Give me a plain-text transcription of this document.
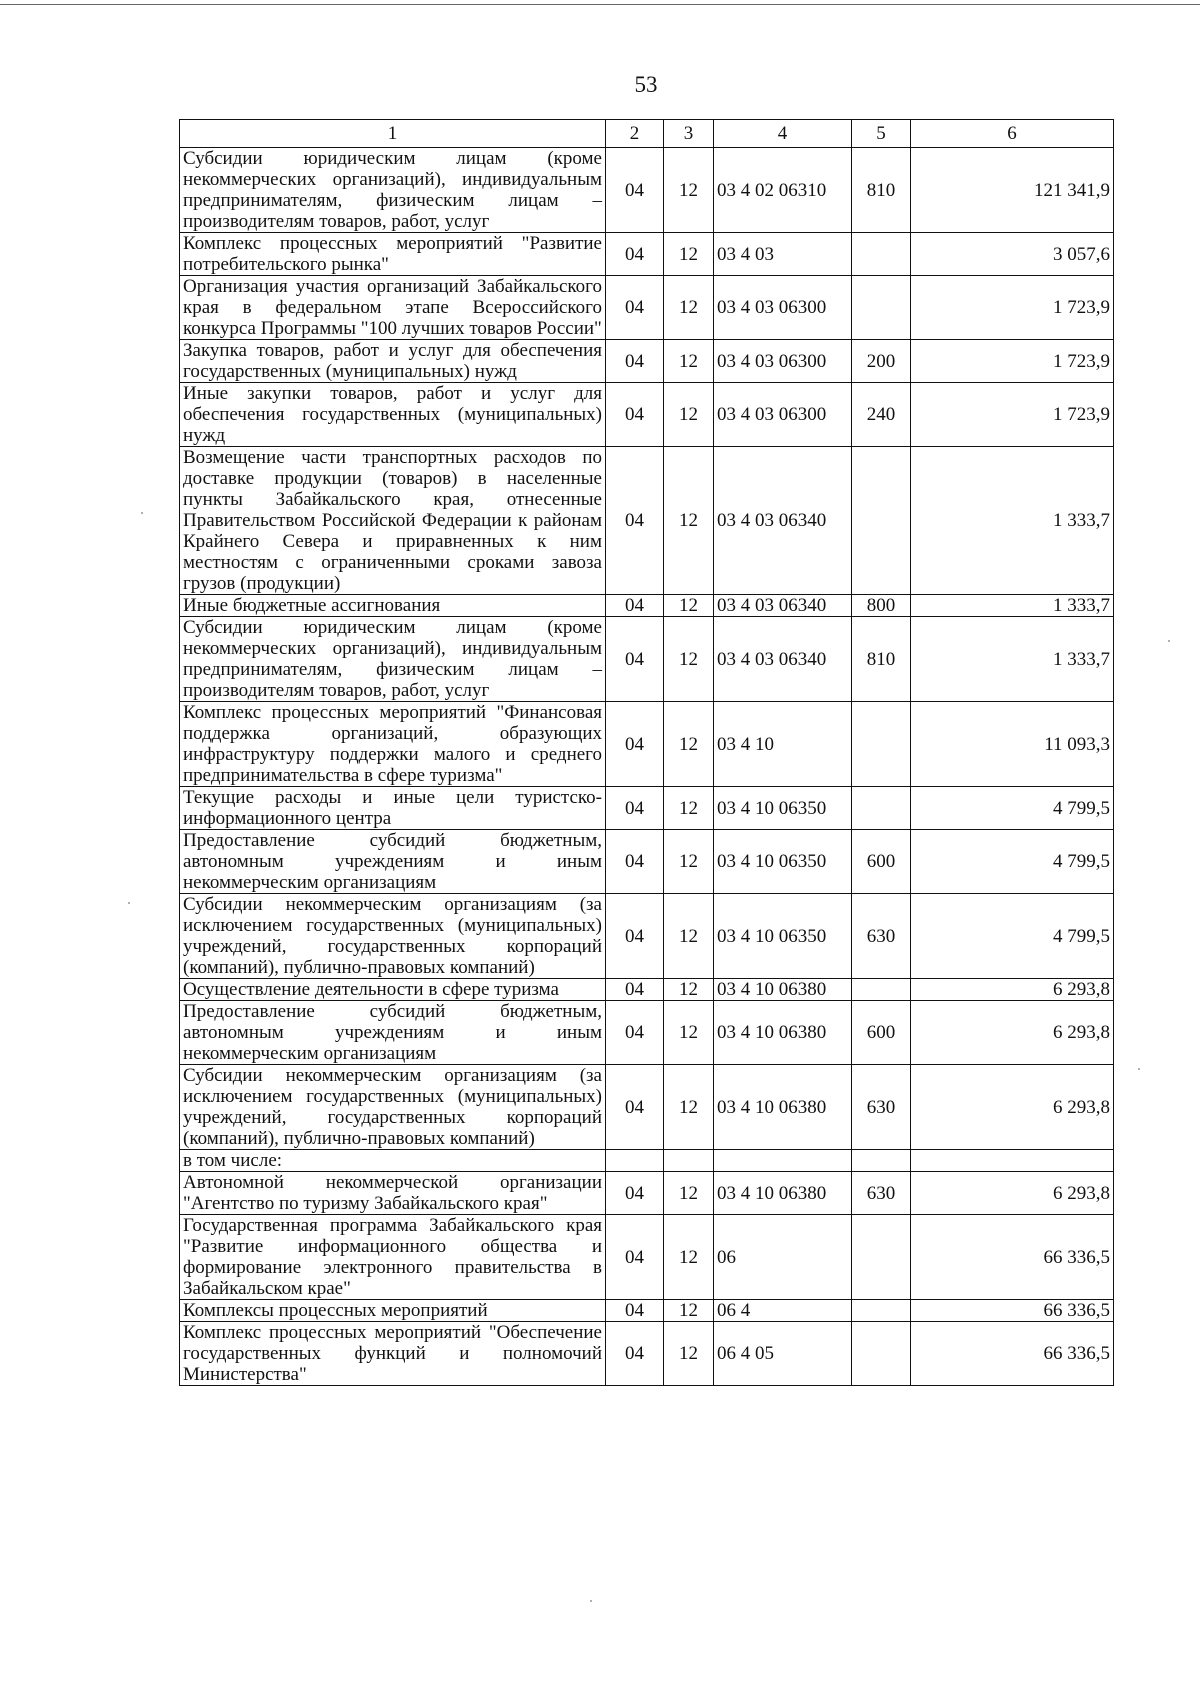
53
1	2	3	4	5	6
Субсидии юридическим лицам (кроме некоммерческих организаций), индивидуальным предпринимателям, физическим лицам – производителям товаров, работ, услуг	04	12	03 4 02 06310	810	121 341,9
Комплекс процессных мероприятий "Развитие потребительского рынка"	04	12	03 4 03		3 057,6
Организация участия организаций Забайкальского края в федеральном этапе Всероссийского конкурса Программы "100 лучших товаров России"	04	12	03 4 03 06300		1 723,9
Закупка товаров, работ и услуг для обеспечения государственных (муниципальных) нужд	04	12	03 4 03 06300	200	1 723,9
Иные закупки товаров, работ и услуг для обеспечения государственных (муниципальных) нужд	04	12	03 4 03 06300	240	1 723,9
Возмещение части транспортных расходов по доставке продукции (товаров) в населенные пункты Забайкальского края, отнесенные Правительством Российской Федерации к районам Крайнего Севера и приравненных к ним местностям с ограниченными сроками завоза грузов (продукции)	04	12	03 4 03 06340		1 333,7
Иные бюджетные ассигнования	04	12	03 4 03 06340	800	1 333,7
Субсидии юридическим лицам (кроме некоммерческих организаций), индивидуальным предпринимателям, физическим лицам – производителям товаров, работ, услуг	04	12	03 4 03 06340	810	1 333,7
Комплекс процессных мероприятий "Финансовая поддержка организаций, образующих инфраструктуру поддержки малого и среднего предпринимательства в сфере туризма"	04	12	03 4 10		11 093,3
Текущие расходы и иные цели туристско-информационного центра	04	12	03 4 10 06350		4 799,5
Предоставление субсидий бюджетным, автономным учреждениям и иным некоммерческим организациям	04	12	03 4 10 06350	600	4 799,5
Субсидии некоммерческим организациям (за исключением государственных (муниципальных) учреждений, государственных корпораций (компаний), публично-правовых компаний)	04	12	03 4 10 06350	630	4 799,5
Осуществление деятельности в сфере туризма	04	12	03 4 10 06380		6 293,8
Предоставление субсидий бюджетным, автономным учреждениям и иным некоммерческим организациям	04	12	03 4 10 06380	600	6 293,8
Субсидии некоммерческим организациям (за исключением государственных (муниципальных) учреждений, государственных корпораций (компаний), публично-правовых компаний)	04	12	03 4 10 06380	630	6 293,8
в том числе:					
Автономной некоммерческой организации "Агентство по туризму Забайкальского края"	04	12	03 4 10 06380	630	6 293,8
Государственная программа Забайкальского края "Развитие информационного общества и формирование электронного правительства в Забайкальском крае"	04	12	06		66 336,5
Комплексы процессных мероприятий	04	12	06 4		66 336,5
Комплекс процессных мероприятий "Обеспечение государственных функций и полномочий Министерства"	04	12	06 4 05		66 336,5
